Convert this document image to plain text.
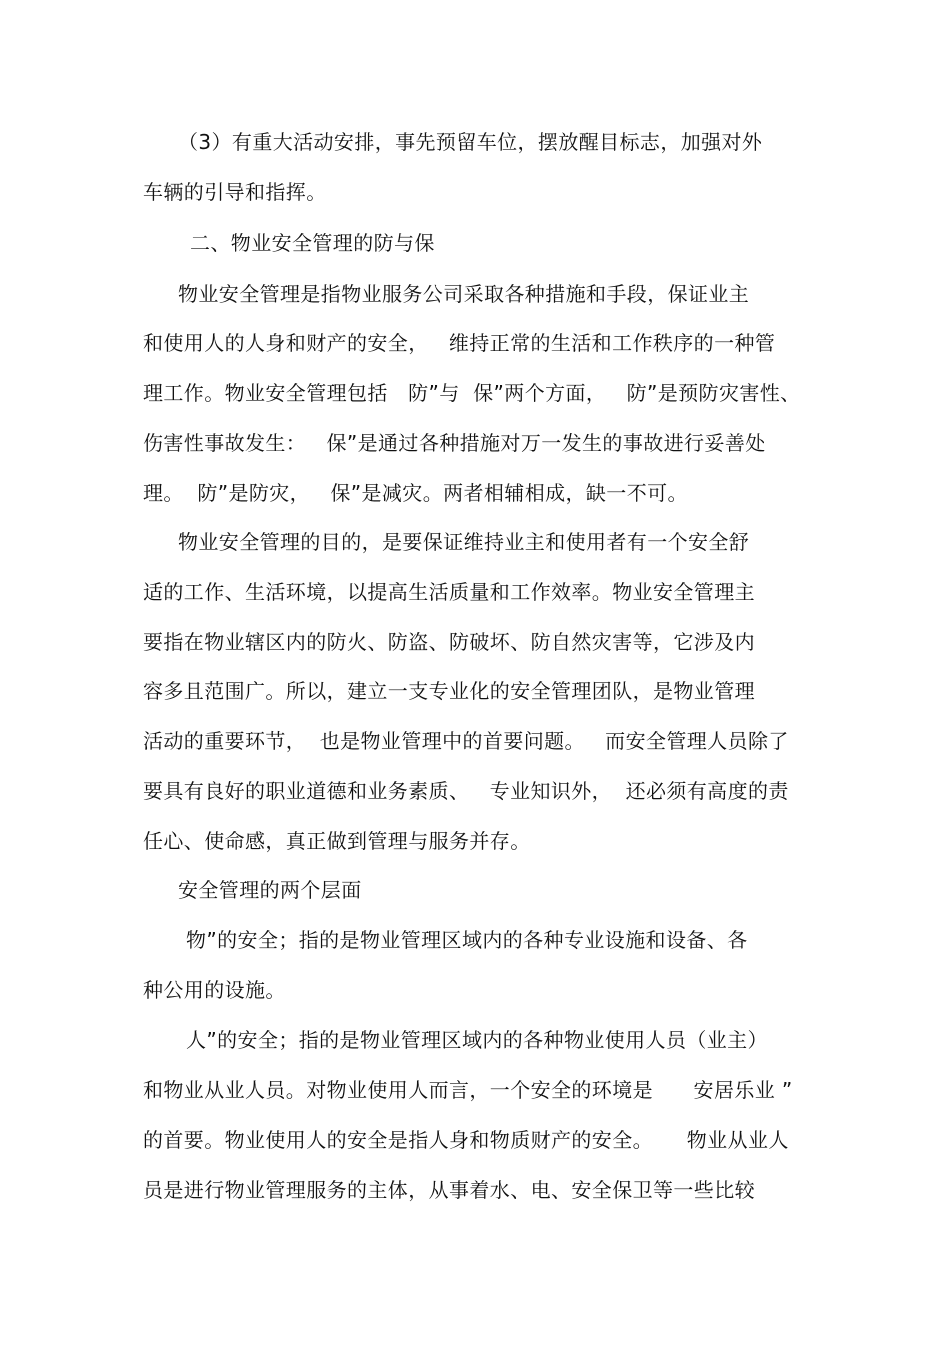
（3）有重大活动安排，事先预留车位，摆放醒目标志，加强对外
车辆的引导和指挥。
二、物业安全管理的防与保
物业安全管理是指物业服务公司采取各种措施和手段，保证业主
和使用人的人身和财产的安全，   维持正常的生活和工作秩序的一种管
理工作。物业安全管理包括   防”与  保”两个方面，   防”是预防灾害性、
伤害性事故发生：   保”是通过各种措施对万一发生的事故进行妥善处
理。  防”是防灾，   保”是减灾。两者相辅相成，缺一不可。
物业安全管理的目的，是要保证维持业主和使用者有一个安全舒
适的工作、生活环境，以提高生活质量和工作效率。物业安全管理主
要指在物业辖区内的防火、防盗、防破坏、防自然灾害等，它涉及内
容多且范围广。所以，建立一支专业化的安全管理团队，是物业管理
活动的重要环节，  也是物业管理中的首要问题。   而安全管理人员除了
要具有良好的职业道德和业务素质、   专业知识外，  还必须有高度的责
任心、使命感，真正做到管理与服务并存。
安全管理的两个层面
物”的安全；指的是物业管理区域内的各种专业设施和设备、各
种公用的设施。
人”的安全；指的是物业管理区域内的各种物业使用人员（业主）
和物业从业人员。对物业使用人而言，一个安全的环境是      安居乐业 ”
的首要。物业使用人的安全是指人身和物质财产的安全。     物业从业人
员是进行物业管理服务的主体，从事着水、电、安全保卫等一些比较
